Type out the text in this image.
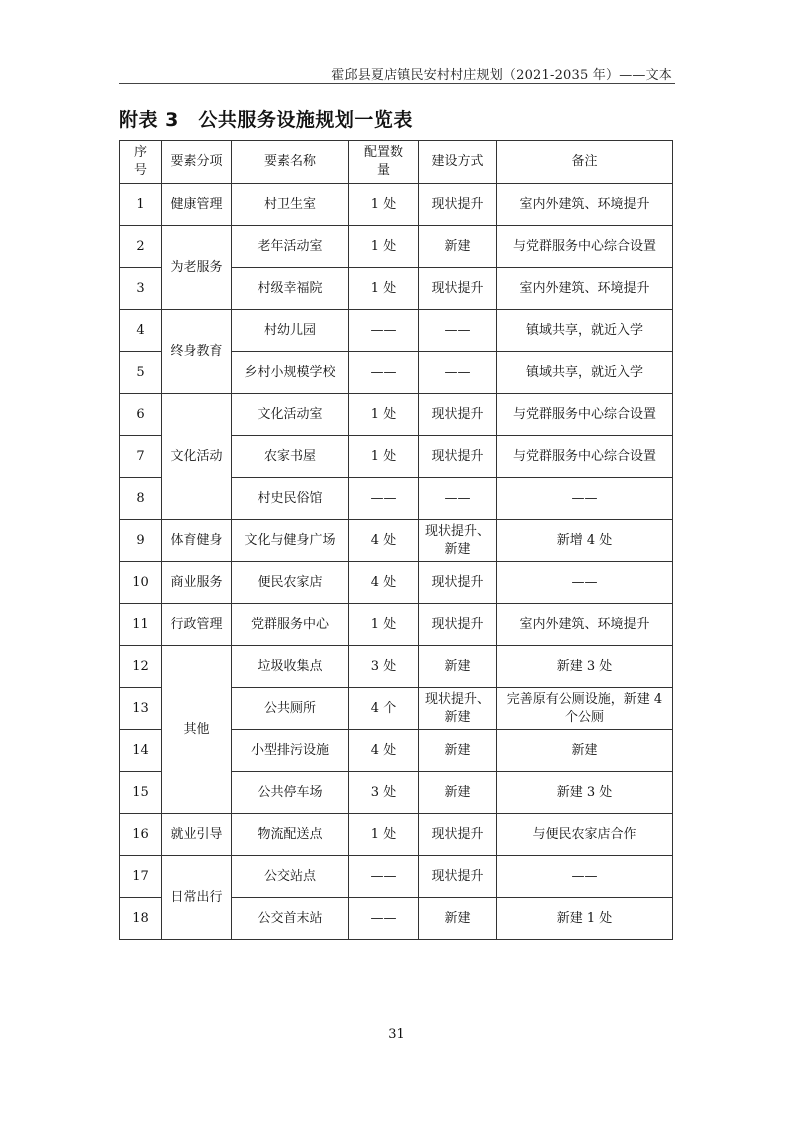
霍邱县夏店镇民安村村庄规划（2021-2035 年）——文本
附表 3　公共服务设施规划一览表
序号	要素分项	要素名称	配置数量	建设方式	备注
1	健康管理	村卫生室	1 处	现状提升	室内外建筑、环境提升
2	为老服务	老年活动室	1 处	新建	与党群服务中心综合设置
3		村级幸福院	1 处	现状提升	室内外建筑、环境提升
4	终身教育	村幼儿园	——	——	镇域共享，就近入学
5		乡村小规模学校	——	——	镇域共享，就近入学
6	文化活动	文化活动室	1 处	现状提升	与党群服务中心综合设置
7		农家书屋	1 处	现状提升	与党群服务中心综合设置
8		村史民俗馆	——	——	——
9	体育健身	文化与健身广场	4 处	现状提升、新建	新增 4 处
10	商业服务	便民农家店	4 处	现状提升	——
11	行政管理	党群服务中心	1 处	现状提升	室内外建筑、环境提升
12	其他	垃圾收集点	3 处	新建	新建 3 处
13		公共厕所	4 个	现状提升、新建	完善原有公厕设施，新建 4 个公厕
14		小型排污设施	4 处	新建	新建
15		公共停车场	3 处	新建	新建 3 处
16	就业引导	物流配送点	1 处	现状提升	与便民农家店合作
17	日常出行	公交站点	——	现状提升	——
18		公交首末站	——	新建	新建 1 处
31
